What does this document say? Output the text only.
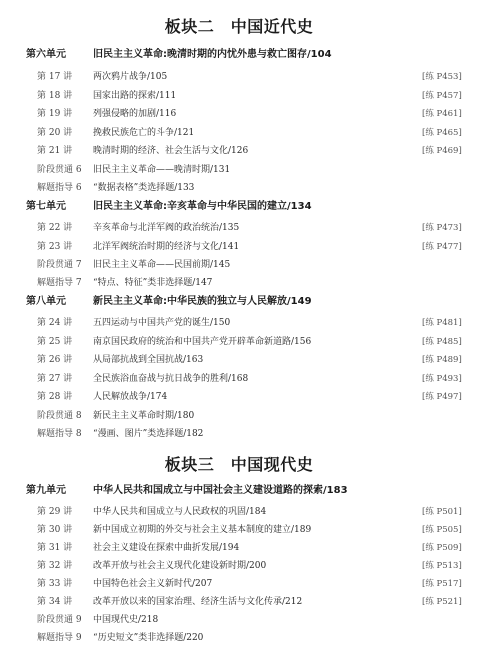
板块二　中国近代史
第六单元	旧民主主义革命:晚清时期的内忧外患与救亡图存/104
第 17 讲 两次鸦片战争/105	[练 P453]
第 18 讲 国家出路的探索/111	[练 P457]
第 19 讲 列强侵略的加剧/116	[练 P461]
第 20 讲 挽救民族危亡的斗争/121	[练 P465]
第 21 讲 晚清时期的经济、社会生活与文化/126	[练 P469]
阶段贯通 6 旧民主主义革命——晚清时期/131
解题指导 6 “数据表格”类选择题/133
第七单元	旧民主主义革命:辛亥革命与中华民国的建立/134
第 22 讲 辛亥革命与北洋军阀的政治统治/135	[练 P473]
第 23 讲 北洋军阀统治时期的经济与文化/141	[练 P477]
阶段贯通 7 旧民主主义革命——民国前期/145
解题指导 7 “特点、特征”类非选择题/147
第八单元	新民主主义革命:中华民族的独立与人民解放/149
第 24 讲 五四运动与中国共产党的诞生/150	[练 P481]
第 25 讲 南京国民政府的统治和中国共产党开辟革命新道路/156	[练 P485]
第 26 讲 从局部抗战到全国抗战/163	[练 P489]
第 27 讲 全民族浴血奋战与抗日战争的胜利/168	[练 P493]
第 28 讲 人民解放战争/174	[练 P497]
阶段贯通 8 新民主主义革命时期/180
解题指导 8 “漫画、图片”类选择题/182
板块三　中国现代史
第九单元	中华人民共和国成立与中国社会主义建设道路的探索/183
第 29 讲 中华人民共和国成立与人民政权的巩固/184	[练 P501]
第 30 讲 新中国成立初期的外交与社会主义基本制度的建立/189	[练 P505]
第 31 讲 社会主义建设在探索中曲折发展/194	[练 P509]
第 32 讲 改革开放与社会主义现代化建设新时期/200	[练 P513]
第 33 讲 中国特色社会主义新时代/207	[练 P517]
第 34 讲 改革开放以来的国家治理、经济生活与文化传承/212	[练 P521]
阶段贯通 9 中国现代史/218
解题指导 9 “历史短文”类非选择题/220
